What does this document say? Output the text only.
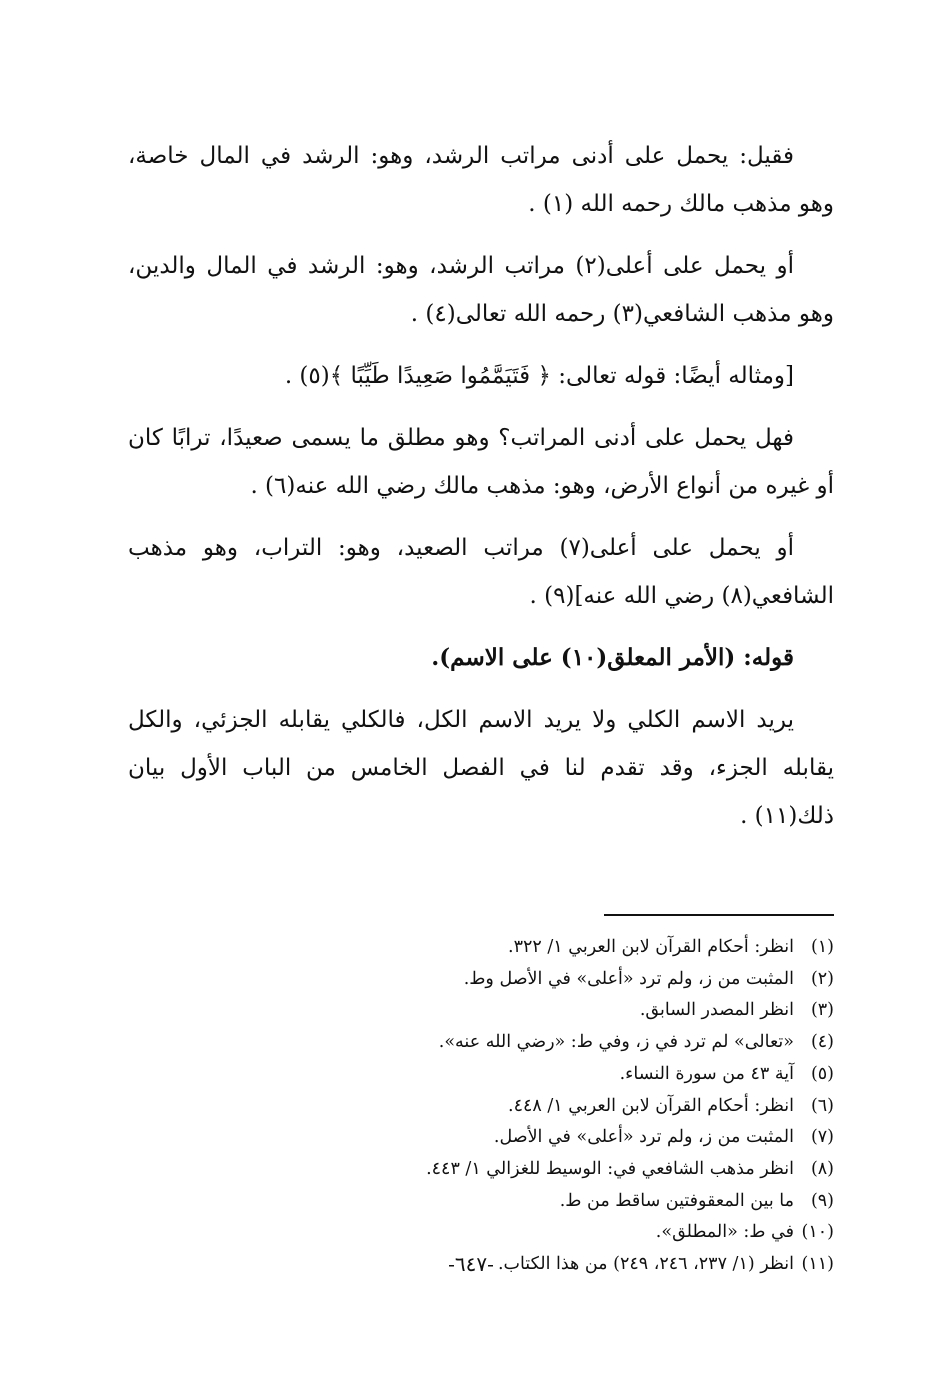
فقيل: يحمل على أدنى مراتب الرشد، وهو: الرشد في المال خاصة، وهو مذهب مالك رحمه الله (١) .

أو يحمل على أعلى(٢) مراتب الرشد، وهو: الرشد في المال والدين، وهو مذهب الشافعي(٣) رحمه الله تعالى(٤) .

[ومثاله أيضًا: قوله تعالى: ﴿ فَتَيَمَّمُوا صَعِيدًا طَيِّبًا ﴾(٥) .

فهل يحمل على أدنى المراتب؟ وهو مطلق ما يسمى صعيدًا، ترابًا كان أو غيره من أنواع الأرض، وهو: مذهب مالك رضي الله عنه(٦) .

أو يحمل على أعلى(٧) مراتب الصعيد، وهو: التراب، وهو مذهب الشافعي(٨) رضي الله عنه](٩) .

قوله: (الأمر المعلق(١٠) على الاسم).

يريد الاسم الكلي ولا يريد الاسم الكل، فالكلي يقابله الجزئي، والكل يقابله الجزء، وقد تقدم لنا في الفصل الخامس من الباب الأول بيان ذلك(١١) .

(١)انظر: أحكام القرآن لابن العربي ١/ ٣٢٢.
(٢)المثبت من ز، ولم ترد «أعلى» في الأصل وط.
(٣)انظر المصدر السابق.
(٤)«تعالى» لم ترد في ز، وفي ط: «رضي الله عنه».
(٥)آية ٤٣ من سورة النساء.
(٦)انظر: أحكام القرآن لابن العربي ١/ ٤٤٨.
(٧)المثبت من ز، ولم ترد «أعلى» في الأصل.
(٨)انظر مذهب الشافعي في: الوسيط للغزالي ١/ ٤٤٣.
(٩)ما بين المعقوفتين ساقط من ط.
(١٠)في ط: «المطلق».
(١١)انظر (١/ ٢٣٧، ٢٤٦، ٢٤٩) من هذا الكتاب.
-٦٤٧-
